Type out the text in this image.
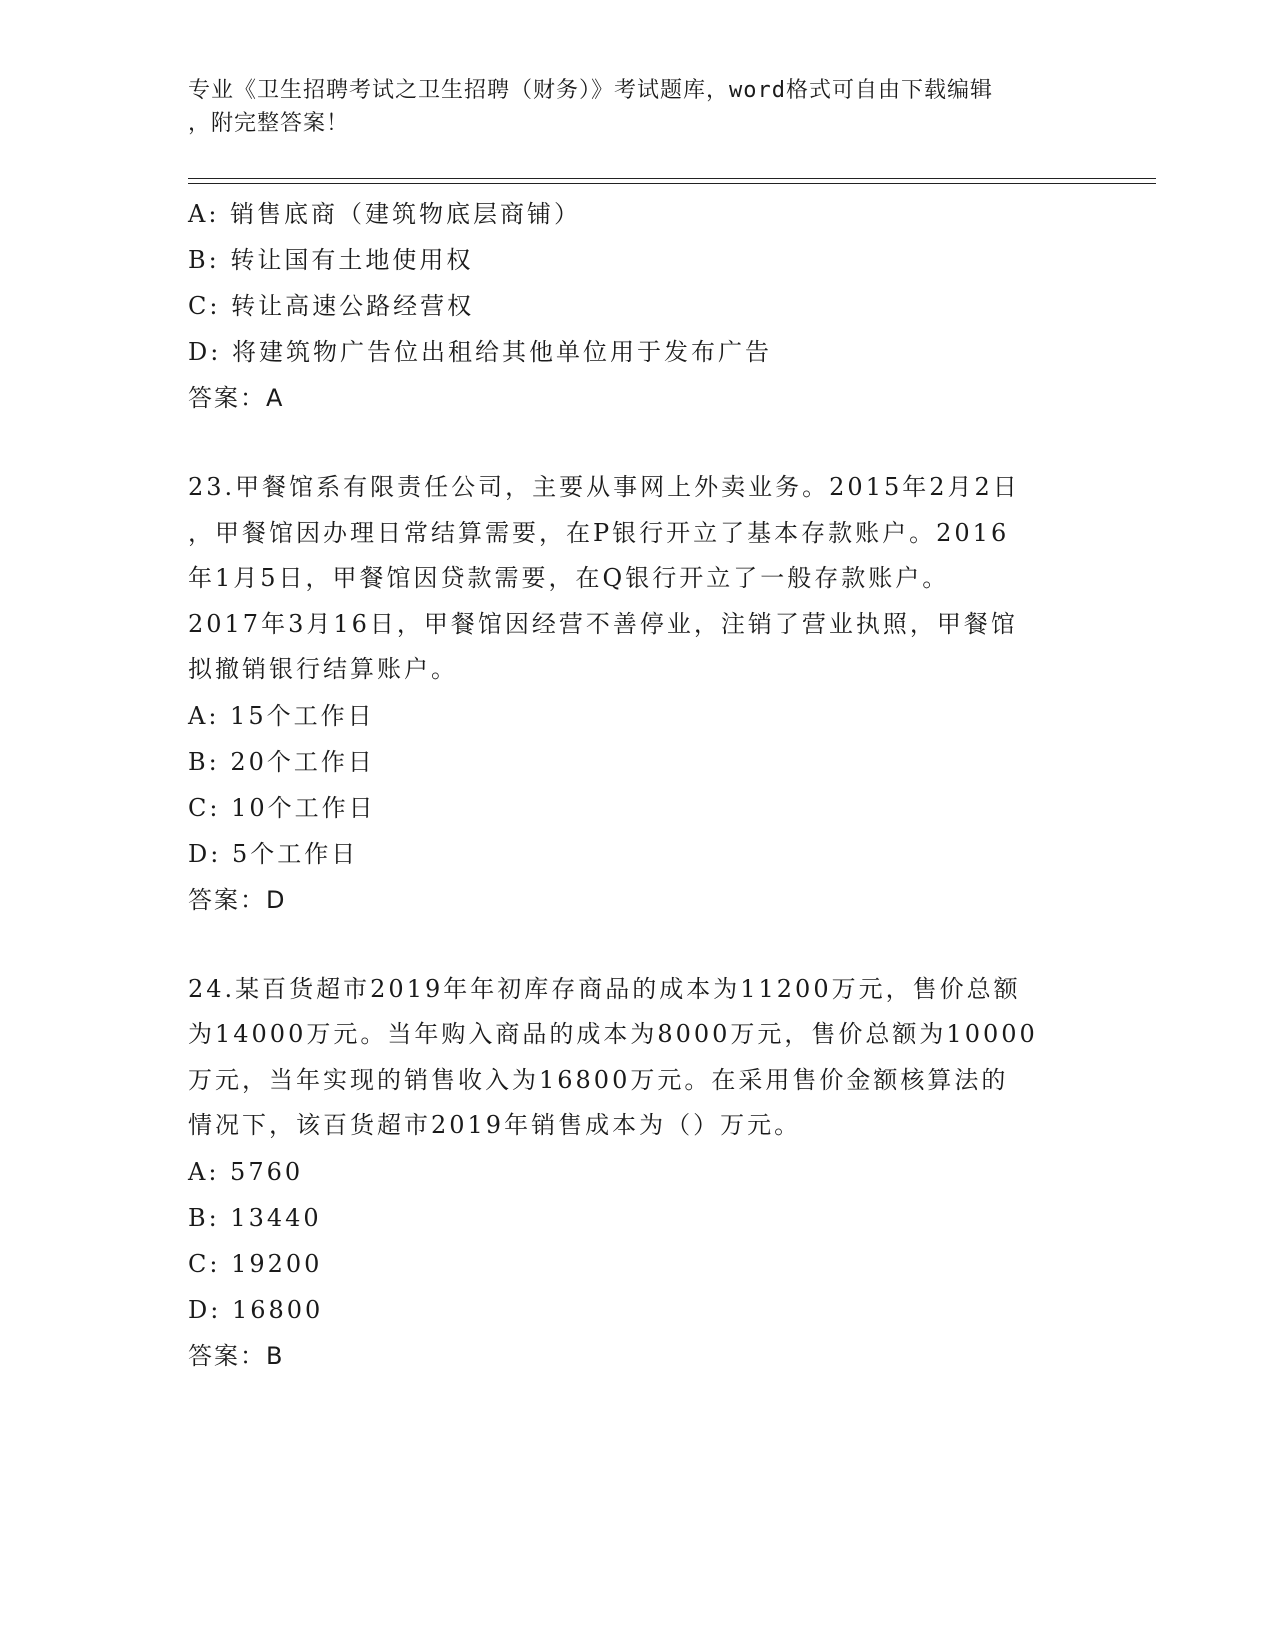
专业《卫生招聘考试之卫生招聘（财务）》考试题库，word格式可自由下载编辑
，附完整答案！
A: 销售底商（建筑物底层商铺）
B: 转让国有土地使用权
C: 转让高速公路经营权
D: 将建筑物广告位出租给其他单位用于发布广告
答案：A
23.甲餐馆系有限责任公司，主要从事网上外卖业务。2015年2月2日
，甲餐馆因办理日常结算需要，在P银行开立了基本存款账户。2016
年1月5日，甲餐馆因贷款需要，在Q银行开立了一般存款账户。
2017年3月16日，甲餐馆因经营不善停业，注销了营业执照，甲餐馆
拟撤销银行结算账户。
A: 15个工作日
B: 20个工作日
C: 10个工作日
D: 5个工作日
答案：D
24.某百货超市2019年年初库存商品的成本为11200万元，售价总额
为14000万元。当年购入商品的成本为8000万元，售价总额为10000
万元，当年实现的销售收入为16800万元。在采用售价金额核算法的
情况下，该百货超市2019年销售成本为（）万元。
A: 5760
B: 13440
C: 19200
D: 16800
答案：B
